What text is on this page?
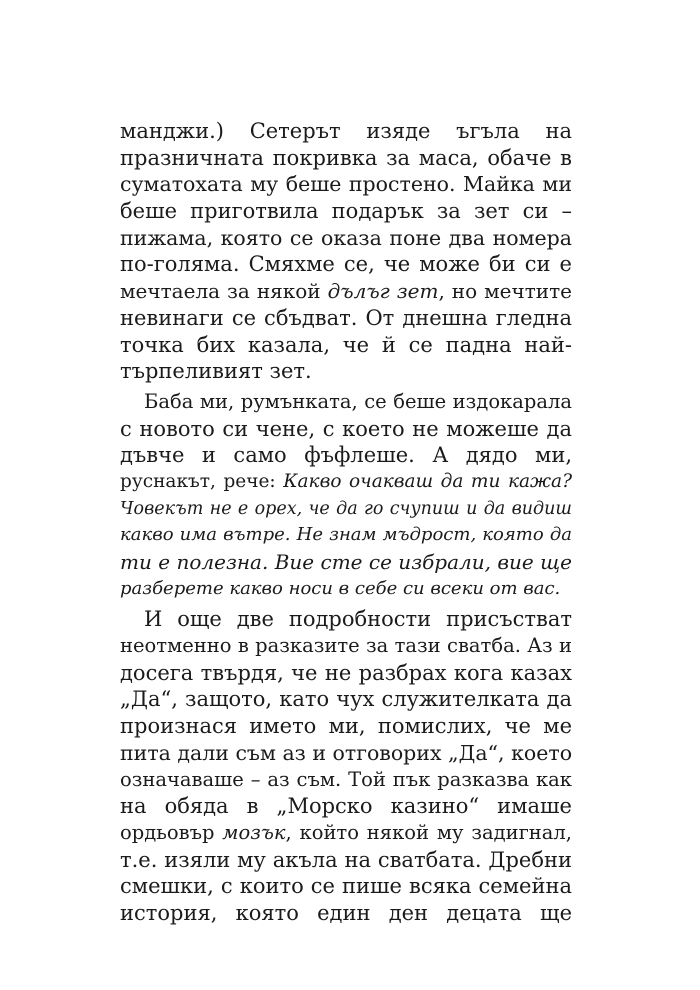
манджи.) Сетерът изяде ъгъла на
празничната покривка за маса, обаче в
суматохата му беше простено. Майка ми
беше приготвила подарък за зет си –
пижама, която се оказа поне два номера
по-голяма. Смяхме се, че може би си е
мечтаела за някой дълъг зет, но мечтите
невинаги се сбъдват. От днешна гледна
точка бих казала, че й се падна най-
търпеливият зет.
Баба ми, румънката, се беше издокарала
с новото си чене, с което не можеше да
дъвче и само фъфлеше. А дядо ми,
руснакът, рече: Какво очакваш да ти кажа?
Човекът не е орех, че да го счупиш и да видиш
какво има вътре. Не знам мъдрост, която да
ти е полезна. Вие сте се избрали, вие ще
разберете какво носи в себе си всеки от вас.
И още две подробности присъстват
неотменно в разказите за тази сватба. Аз и
досега твърдя, че не разбрах кога казах
„Да“, защото, като чух служителката да
произнася името ми, помислих, че ме
пита дали съм аз и отговорих „Да“, което
означаваше – аз съм. Той пък разказва как
на обяда в „Морско казино“ имаше
ордьовър мозък, който някой му задигнал,
т.е. изяли му акъла на сватбата. Дребни
смешки, с които се пише всяка семейна
история, която един ден децата ще
